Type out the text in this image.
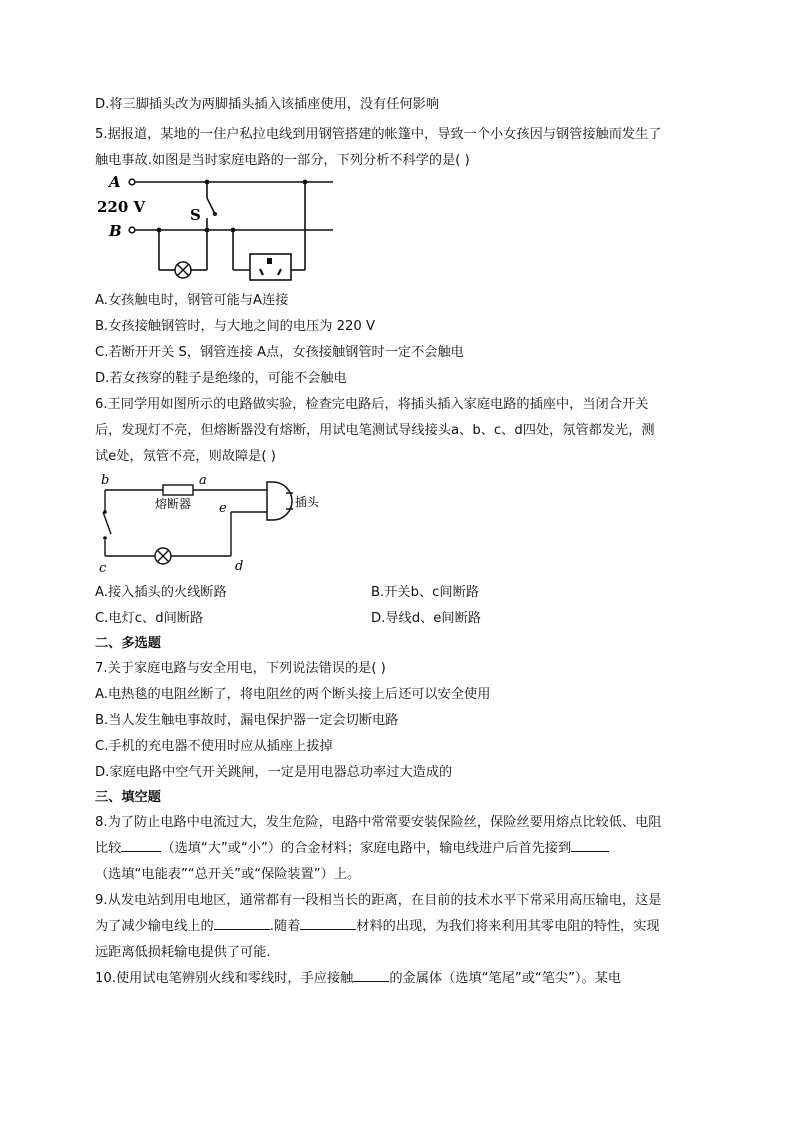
D.将三脚插头改为两脚插头插入该插座使用，没有任何影响
5.据报道，某地的一住户私拉电线到用钢管搭建的帐篷中，导致一个小女孩因与钢管接触而发生了
触电事故.如图是当时家庭电路的一部分，下列分析不科学的是( )
A
220 V
B
S
A.女孩触电时，钢管可能与A连接
B.女孩接触钢管时，与大地之间的电压为 220 V
C.若断开开关 S，钢管连接 A点，女孩接触钢管时一定不会触电
D.若女孩穿的鞋子是绝缘的，可能不会触电
6.王同学用如图所示的电路做实验，检查完电路后，将插头插入家庭电路的插座中，当闭合开关
后，发现灯不亮，但熔断器没有熔断，用试电笔测试导线接头a、b、c、d四处，氖管都发光，测
试e处，氖管不亮，则故障是( )
b	a
熔断器 e	插头
c	d
A.接入插头的火线断路	B.开关b、c间断路
C.电灯c、d间断路	D.导线d、e间断路
二、多选题
7.关于家庭电路与安全用电，下列说法错误的是( )
A.电热毯的电阻丝断了，将电阻丝的两个断头接上后还可以安全使用
B.当人发生触电事故时，漏电保护器一定会切断电路
C.手机的充电器不使用时应从插座上拔掉
D.家庭电路中空气开关跳闸，一定是用电器总功率过大造成的
三、填空题
8.为了防止电路中电流过大，发生危险，电路中常常要安装保险丝，保险丝要用熔点比较低、电阻
比较	（选填“大”或“小”）的合金材料；家庭电路中，输电线进户后首先接到
（选填“电能表”“总开关”或“保险装置”）上。
9.从发电站到用电地区，通常都有一段相当长的距离，在目前的技术水平下常采用高压输电，这是
为了减少输电线上的	.随着	材料的出现，为我们将来利用其零电阻的特性，实现
远距离低损耗输电提供了可能.
10.使用试电笔辨别火线和零线时，手应接触	的金属体（选填“笔尾”或“笔尖”）。某电
